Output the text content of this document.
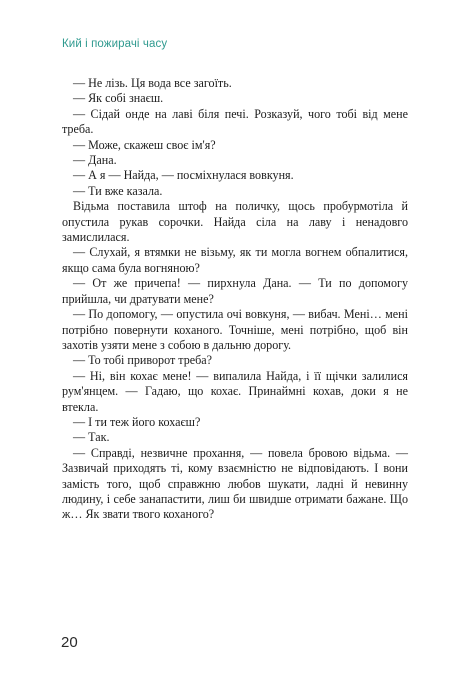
Кий і пожирачі часу

— Не лізь. Ця вода все загоїть.

— Як собі знаєш.

— Сідай онде на лаві біля печі. Розказуй, чого тобі від мене треба.

— Може, скажеш своє ім'я?

— Дана.

— А я — Найда, — посміхнулася вовкуня.

— Ти вже казала.

Відьма поставила штоф на поличку, щось пробурмотіла й опустила рукав сорочки. Найда сіла на лаву і ненадовго замислилася.

— Слухай, я втямки не візьму, як ти могла вогнем обпалитися, якщо сама була вогняною?

— От же причепа! — пирхнула Дана. — Ти по допомогу прийшла, чи дратувати мене?

— По допомогу, — опустила очі вовкуня, — вибач. Мені… мені потрібно повернути коханого. Точніше, мені потрібно, щоб він захотів узяти мене з собою в дальню дорогу.

— То тобі приворот треба?

— Ні, він кохає мене! — випалила Найда, і її щічки залилися рум'янцем. — Гадаю, що кохає. Принаймні кохав, доки я не втекла.

— І ти теж його кохаєш?

— Так.

— Справді, незвичне прохання, — повела бровою відьма. — Зазвичай приходять ті, кому взаємністю не відповідають. І вони замість того, щоб справжню любов шукати, ладні й невинну людину, і себе занапастити, лиш би швидше отримати бажане. Що ж… Як звати твого коханого?

20
